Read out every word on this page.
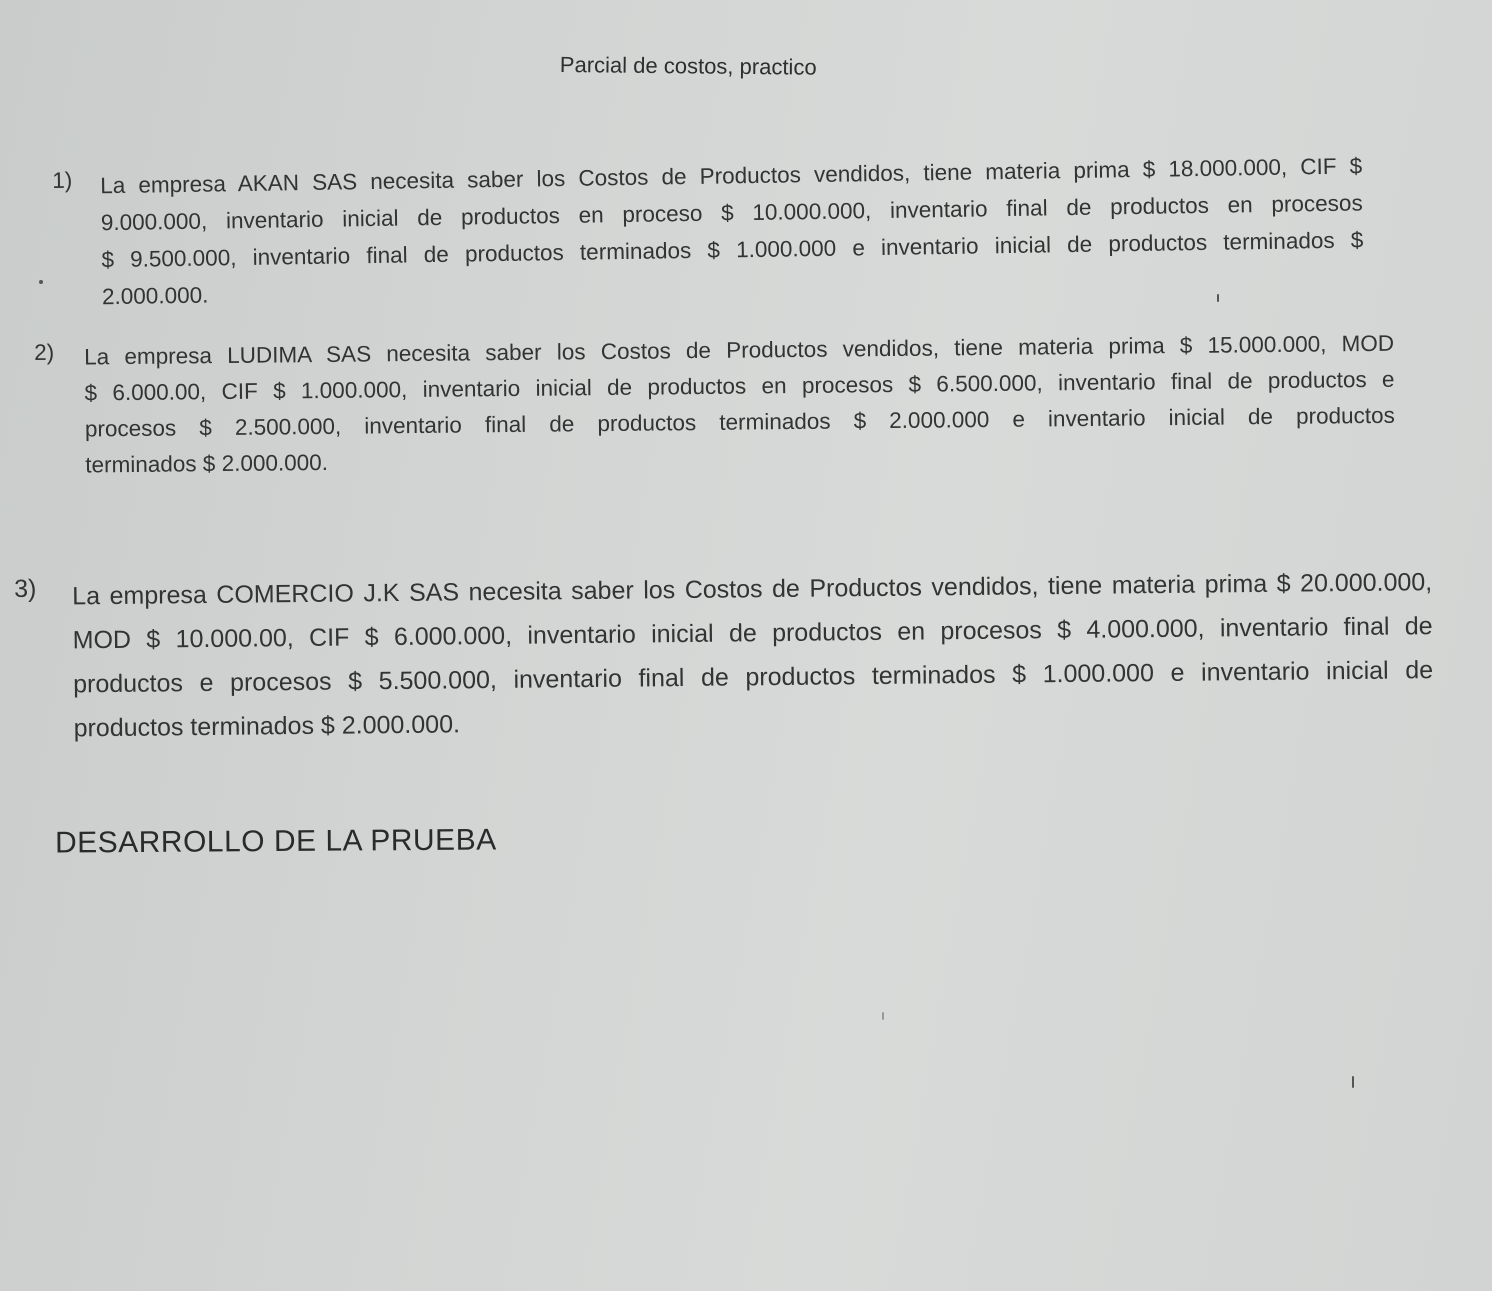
Parcial de costos, practico
1) La empresa AKAN SAS necesita saber los Costos de Productos vendidos, tiene materia prima $ 18.000.000, CIF $
9.000.000, inventario inicial de productos en proceso $ 10.000.000, inventario final de productos en procesos
$ 9.500.000, inventario final de productos terminados $ 1.000.000 e inventario inicial de productos terminados $
2.000.000.
2) La empresa LUDIMA SAS necesita saber los Costos de Productos vendidos, tiene materia prima $ 15.000.000, MOD
$ 6.000.00, CIF $ 1.000.000, inventario inicial de productos en procesos $ 6.500.000, inventario final de productos e
procesos $ 2.500.000, inventario final de productos terminados $ 2.000.000 e inventario inicial de productos
terminados $ 2.000.000.
3) La empresa COMERCIO J.K SAS necesita saber los Costos de Productos vendidos, tiene materia prima $ 20.000.000,
MOD $ 10.000.00, CIF $ 6.000.000, inventario inicial de productos en procesos $ 4.000.000, inventario final de
productos e procesos $ 5.500.000, inventario final de productos terminados $ 1.000.000 e inventario inicial de
productos terminados $ 2.000.000.
DESARROLLO DE LA PRUEBA
